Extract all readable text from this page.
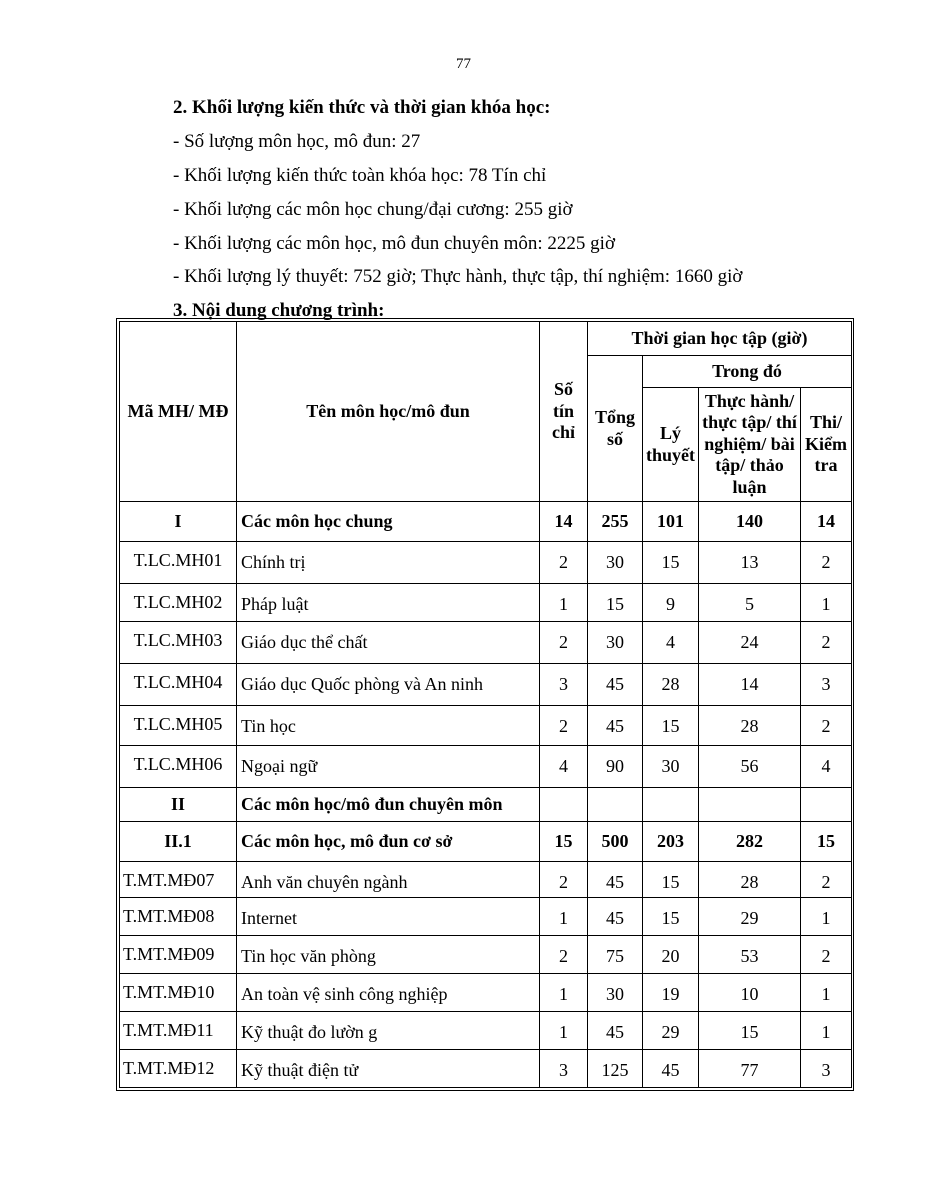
77
2. Khối lượng kiến thức và thời gian khóa học:
- Số lượng môn học, mô đun: 27
- Khối lượng kiến thức toàn khóa học: 78 Tín chỉ
- Khối lượng các môn học chung/đại cương: 255 giờ
- Khối lượng các môn học, mô đun chuyên môn: 2225 giờ
- Khối lượng lý thuyết: 752 giờ; Thực hành, thực tập, thí nghiệm: 1660 giờ
3. Nội dung chương trình:
Mã MH/ MĐ	Tên môn học/mô đun	Số tín chỉ	Thời gian học tập (giờ)			
			Tổng số	Trong đó		
				Lý thuyết	Thực hành/ thực tập/ thí nghiệm/ bài tập/ thảo luận	Thi/ Kiểm tra
I	Các môn học chung	14	255	101	140	14
T.LC.MH01	Chính trị	2	30	15	13	2
T.LC.MH02	Pháp luật	1	15	9	5	1
T.LC.MH03	Giáo dục thể chất	2	30	4	24	2
T.LC.MH04	Giáo dục Quốc phòng và An ninh	3	45	28	14	3
T.LC.MH05	Tin học	2	45	15	28	2
T.LC.MH06	Ngoại ngữ	4	90	30	56	4
II	Các môn học/mô đun chuyên môn					
II.1	Các môn học, mô đun cơ sở	15	500	203	282	15
T.MT.MĐ07	Anh văn chuyên ngành	2	45	15	28	2
T.MT.MĐ08	Internet	1	45	15	29	1
T.MT.MĐ09	Tin học văn phòng	2	75	20	53	2
T.MT.MĐ10	An toàn vệ sinh công nghiệp	1	30	19	10	1
T.MT.MĐ11	Kỹ thuật đo lườn g	1	45	29	15	1
T.MT.MĐ12	Kỹ thuật điện tử	3	125	45	77	3
